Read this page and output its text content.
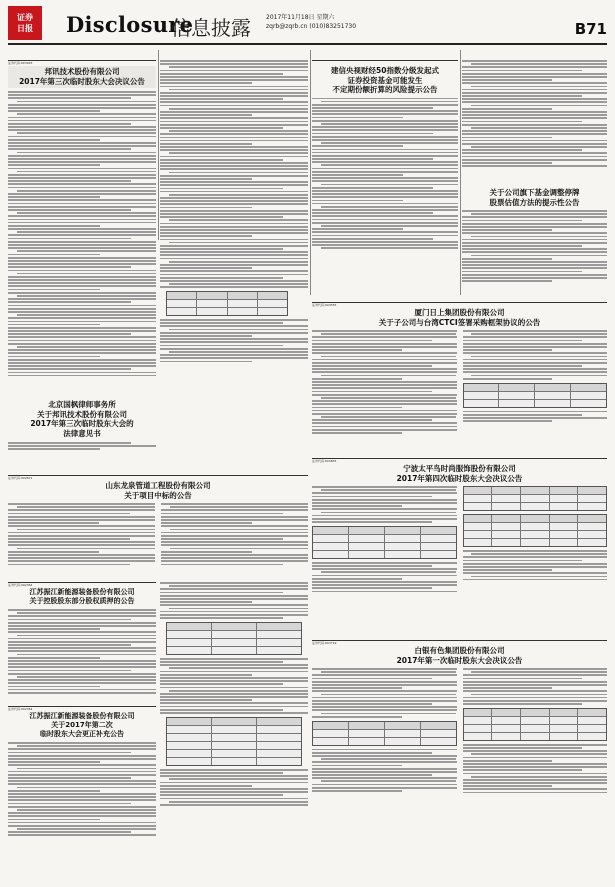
证券
日报 Disclosure
信息披露	2017年11月18日 星期六
zqrb@zqrb.cn (010)83251730	B71
证券代码:603003
邦讯技术股份有限公司
2017年第三次临时股东大会决议公告
北京国枫律师事务所
关于邦讯技术股份有限公司
2017年第三次临时股东大会的
法律意见书
建信央视财经50指数分级发起式
证券投资基金可能发生
不定期份额折算的风险提示公告
关于公司旗下基金调整停牌
股票估值方法的提示性公告
证券代码:600555
厦门日上集团股份有限公司
关于子公司与台湾CTCI签署采购框架协议的公告
证券代码:002671
山东龙泉管道工程股份有限公司
关于项目中标的公告
证券代码:600855
宁波太平鸟时尚服饰股份有限公司
2017年第四次临时股东大会决议公告
证券代码:002364
江苏振江新能源装备股份有限公司
关于控股股东部分股权质押的公告
证券代码:002364
江苏振江新能源装备股份有限公司
关于2017年第二次
临时股东大会更正补充公告
证券代码:603719
白银有色集团股份有限公司
2017年第一次临时股东大会决议公告
